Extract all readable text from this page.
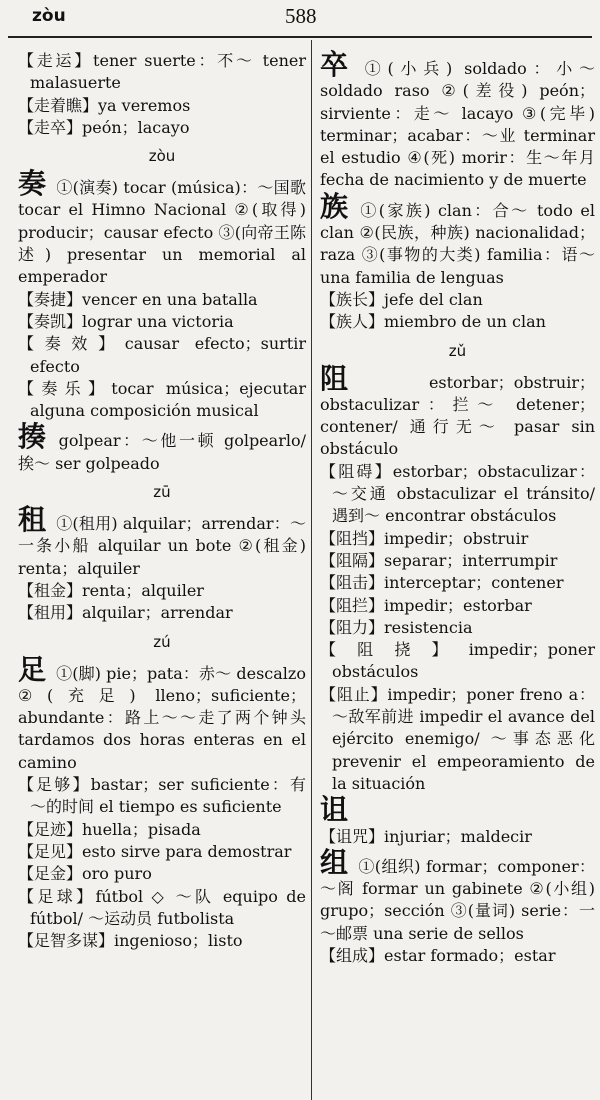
zòu	588

【走运】tener suerte：不～ tener malasuerte

【走着瞧】ya veremos

【走卒】peón；lacayo

zòu

奏 ①(演奏) tocar (música)：～国歌 tocar el Himno Nacional ②(取得) producir；causar efecto ③(向帝王陈述) presentar un memorial al emperador

【奏捷】vencer en una batalla

【奏凯】lograr una victoria

【奏效】causar efecto；surtir efecto

【奏乐】tocar música；ejecutar alguna composición musical

揍golpear：～他一顿 golpearlo/ 挨～ ser golpeado

zū

租 ①(租用) alquilar；arrendar：～一条小船 alquilar un bote ②(租金) renta；alquiler

【租金】renta；alquiler

【租用】alquilar；arrendar

zú

足 ①(脚) pie；pata：赤～ descalzo ②(充足) lleno；suficiente；abundante：路上～～走了两个钟头 tardamos dos horas enteras en el camino

【足够】bastar；ser suficiente：有～的时间 el tiempo es suficiente

【足迹】huella；pisada

【足见】esto sirve para demostrar

【足金】oro puro

【足球】fútbol ◇ ～队 equipo de fútbol/ ～运动员 futbolista

【足智多谋】ingenioso；listo

卒 ①(小兵) soldado：小～ soldado raso ②(差役) peón；sirviente：走～ lacayo ③(完毕) terminar；acabar：～业 terminar el estudio ④(死) morir：生～年月 fecha de nacimiento y de muerte

族 ①(家族) clan：合～ todo el clan ②(民族，种族) nacionalidad；raza ③(事物的大类) familia：语～ una familia de lenguas

【族长】jefe del clan

【族人】miembro de un clan

zǔ

阻estorbar；obstruir；obstaculizar：拦～ detener；contener/ 通行无～ pasar sin obstáculo

【阻碍】estorbar；obstaculizar：～交通 obstaculizar el tránsito/ 遇到～ encontrar obstáculos

【阻挡】impedir；obstruir

【阻隔】separar；interrumpir

【阻击】interceptar；contener

【阻拦】impedir；estorbar

【阻力】resistencia

【阻挠】impedir；poner obstáculos

【阻止】impedir；poner freno a：～敌军前进 impedir el avance del ejército enemigo/ ～事态恶化 prevenir el empeoramiento de la situación

诅

【诅咒】injuriar；maldecir

组 ①(组织) formar；componer：～阁 formar un gabinete ②(小组) grupo；sección ③(量词) serie：一～邮票 una serie de sellos

【组成】estar formado；estar
